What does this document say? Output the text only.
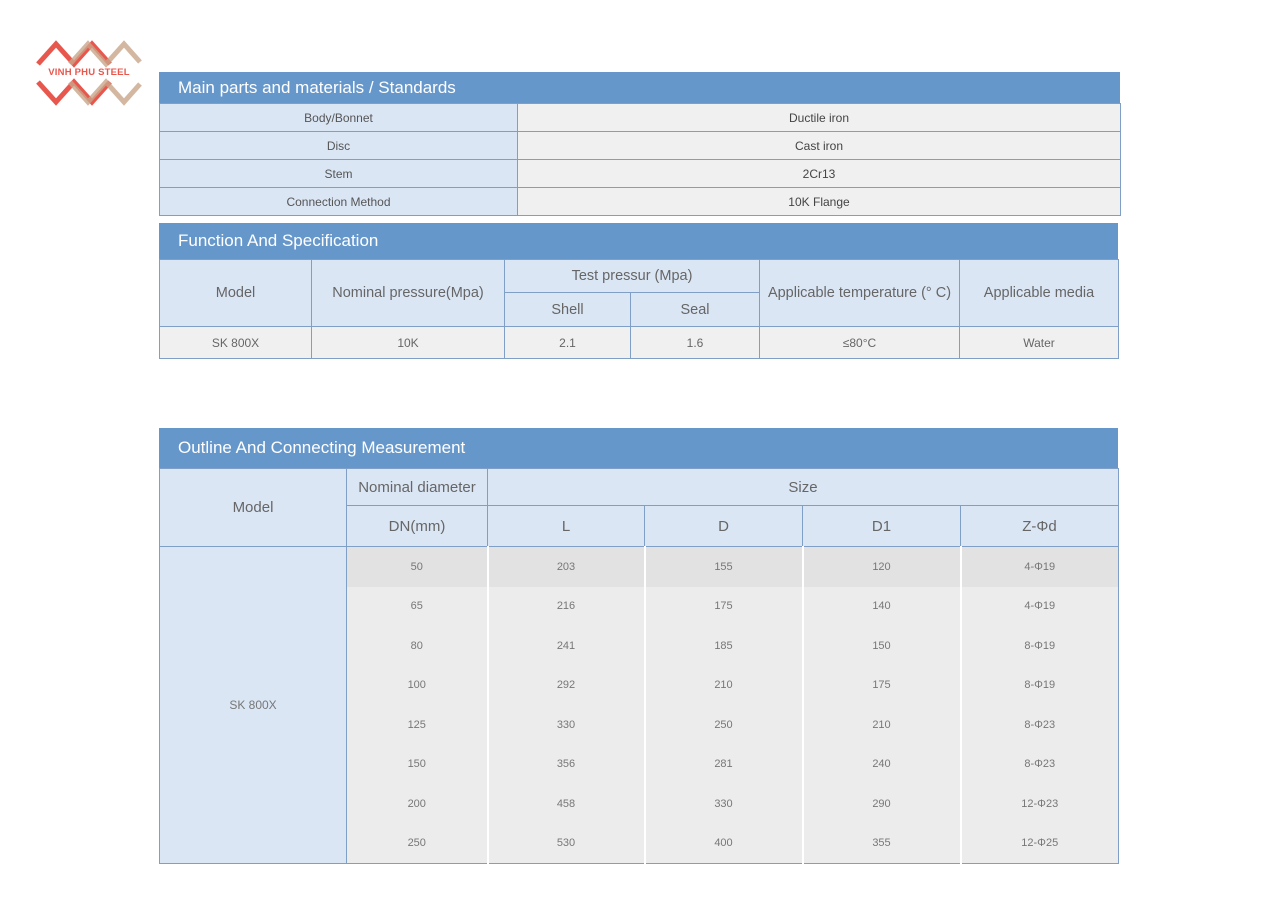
VINH PHU STEEL
Main parts and materials / Standards
Body/Bonnet	Ductile iron
Disc	Cast iron
Stem	2Cr13
Connection Method	10K Flange
Function And Specification
Model	Nominal pressure(Mpa)	Test pressur (Mpa)		Applicable temperature (° C)	Applicable media
		Shell	Seal		
SK 800X	10K	2.1	1.6	≤80°C	Water
Outline And Connecting Measurement
Model	Nominal diameter	Size			
	DN(mm)	L	D	D1	Z-Φd
SK 800X	50	203	155	120	4-Φ19
	65	216	175	140	4-Φ19
	80	241	185	150	8-Φ19
	100	292	210	175	8-Φ19
	125	330	250	210	8-Φ23
	150	356	281	240	8-Φ23
	200	458	330	290	12-Φ23
	250	530	400	355	12-Φ25
